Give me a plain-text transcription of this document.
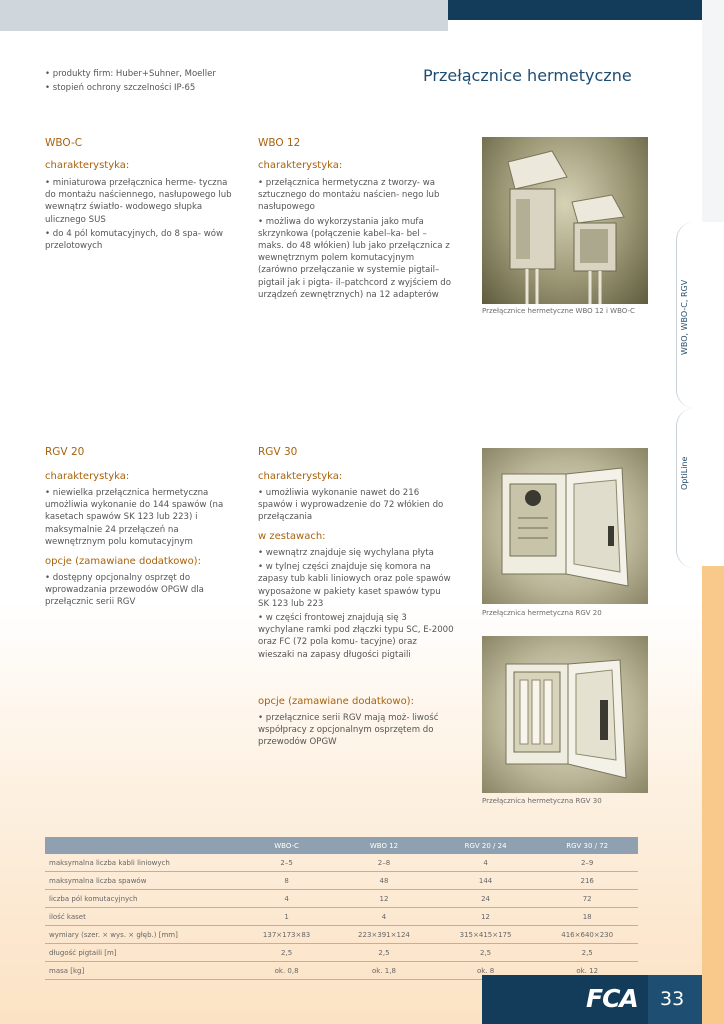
WBO, WBO-C, RGV
OptiLine
• produkty firm: Huber+Suhner, Moeller
• stopień ochrony szczelności IP-65
Przełącznice hermetyczne
WBO-C
charakterystyka:
• miniaturowa przełącznica herme- tyczna do montażu naściennego, nasłupowego lub wewnątrz światło- wodowego słupka ulicznego SUS
• do 4 pól komutacyjnych, do 8 spa- wów przelotowych
WBO 12
charakterystyka:
• przełącznica hermetyczna z tworzy- wa sztucznego do montażu naścien- nego lub nasłupowego
• możliwa do wykorzystania jako mufa skrzynkowa (połączenie kabel–ka- bel – maks. do 48 włókien) lub jako przełącznica z wewnętrznym polem komutacyjnym (zarówno przełączanie w systemie pigtail–pigtail jak i pigta- il–patchcord z wyjściem do urządzeń zewnętrznych) na 12 adapterów
Przełącznice hermetyczne WBO 12 i WBO-C
RGV 20
charakterystyka:
• niewielka przełącznica hermetyczna umożliwia wykonanie do 144 spawów (na kasetach spawów SK 123 lub 223) i maksymalnie 24 przełączeń na wewnętrznym polu komutacyjnym
opcje (zamawiane dodatkowo):
• dostępny opcjonalny osprzęt do wprowadzania przewodów OPGW dla przełącznic serii RGV
RGV 30
charakterystyka:
• umożliwia wykonanie nawet do 216 spawów i wyprowadzenie do 72 włókien do przełączania
w zestawach:
• wewnątrz znajduje się wychylana płyta
• w tylnej części znajduje się komora na zapasy tub kabli liniowych oraz pole spawów wyposażone w pakiety kaset spawów typu SK 123 lub 223
• w części frontowej znajdują się 3 wychylane ramki pod złączki typu SC, E-2000 oraz FC (72 pola komu- tacyjne) oraz wieszaki na zapasy długości pigtaili
opcje (zamawiane dodatkowo):
• przełącznice serii RGV mają moż- liwość współpracy z opcjonalnym osprzętem do przewodów OPGW
Przełącznica hermetyczna RGV 20
Przełącznica hermetyczna RGV 30
	WBO-C	WBO 12	RGV 20 / 24	RGV 30 / 72
maksymalna liczba kabli liniowych	2–5	2–8	4	2–9
maksymalna liczba spawów	8	48	144	216
liczba pól komutacyjnych	4	12	24	72
ilość kaset	1	4	12	18
wymiary (szer. × wys. × głęb.) [mm]	137×173×83	223×391×124	315×415×175	416×640×230
długość pigtaili [m]	2,5	2,5	2,5	2,5
masa [kg]	ok. 0,8	ok. 1,8	ok. 8	ok. 12
FCA 33
